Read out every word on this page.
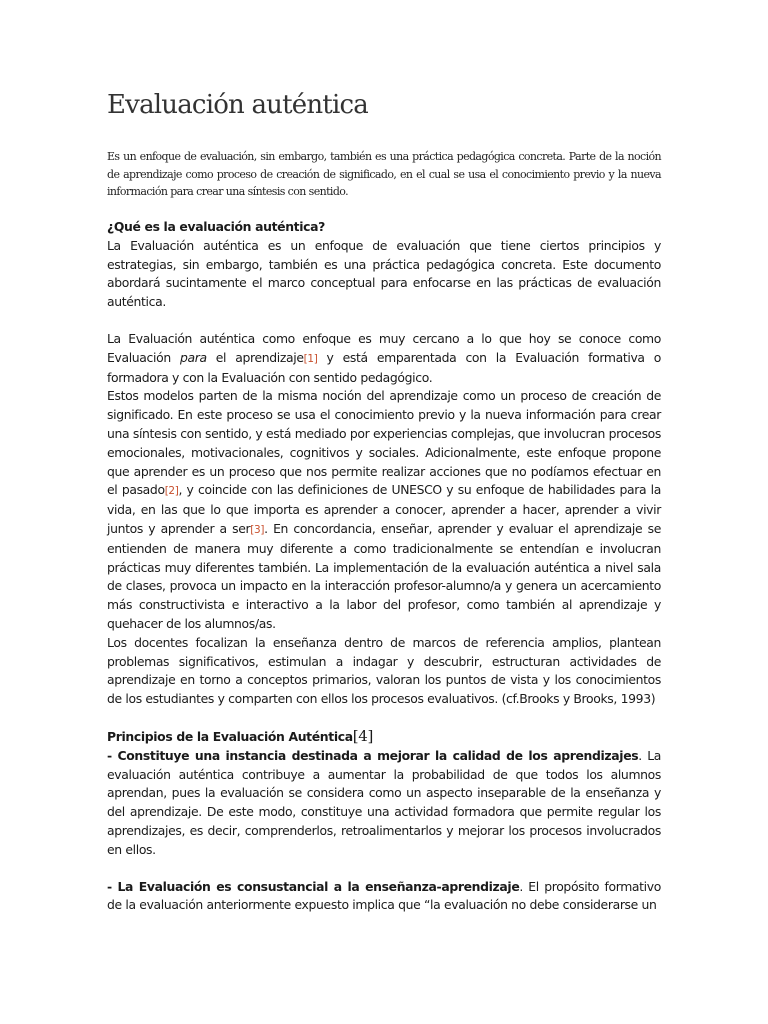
Evaluación auténtica

Es un enfoque de evaluación, sin embargo, también es una práctica pedagógica concreta. Parte de la noción de aprendizaje como proceso de creación de significado, en el cual se usa el conocimiento previo y la nueva información para crear una síntesis con sentido.

¿Qué es la evaluación auténtica?

La Evaluación auténtica es un enfoque de evaluación que tiene ciertos principios y estrategias, sin embargo, también es una práctica pedagógica concreta. Este documento abordará sucintamente el marco conceptual para enfocarse en las prácticas de evaluación auténtica.

La Evaluación auténtica como enfoque es muy cercano a lo que hoy se conoce como Evaluación para el aprendizaje[1] y está emparentada con la Evaluación formativa o formadora y con la Evaluación con sentido pedagógico.

Estos modelos parten de la misma noción del aprendizaje como un proceso de creación de significado. En este proceso se usa el conocimiento previo y la nueva información para crear una síntesis con sentido, y está mediado por experiencias complejas, que involucran procesos emocionales, motivacionales, cognitivos y sociales. Adicionalmente, este enfoque propone que aprender es un proceso que nos permite realizar acciones que no podíamos efectuar en el pasado[2], y coincide con las definiciones de UNESCO y su enfoque de habilidades para la vida, en las que lo que importa es aprender a conocer, aprender a hacer, aprender a vivir juntos y aprender a ser[3]. En concordancia, enseñar, aprender y evaluar el aprendizaje se entienden de manera muy diferente a como tradicionalmente se entendían e involucran prácticas muy diferentes también. La implementación de la evaluación auténtica a nivel sala de clases, provoca un impacto en la interacción profesor-alumno/a y genera un acercamiento más constructivista e interactivo a la labor del profesor, como también al aprendizaje y quehacer de los alumnos/as.

Los docentes focalizan la enseñanza dentro de marcos de referencia amplios, plantean problemas significativos, estimulan a indagar y descubrir, estructuran actividades de aprendizaje en torno a conceptos primarios, valoran los puntos de vista y los conocimientos de los estudiantes y comparten con ellos los procesos evaluativos. (cf.Brooks y Brooks, 1993)

Principios de la Evaluación Auténtica[4]

- Constituye una instancia destinada a mejorar la calidad de los aprendizajes. La evaluación auténtica contribuye a aumentar la probabilidad de que todos los alumnos aprendan, pues la evaluación se considera como un aspecto inseparable de la enseñanza y del aprendizaje. De este modo, constituye una actividad formadora que permite regular los aprendizajes, es decir, comprenderlos, retroalimentarlos y mejorar los procesos involucrados en ellos.

- La Evaluación es consustancial a la enseñanza-aprendizaje. El propósito formativo de la evaluación anteriormente expuesto implica que “la evaluación no debe considerarse un
